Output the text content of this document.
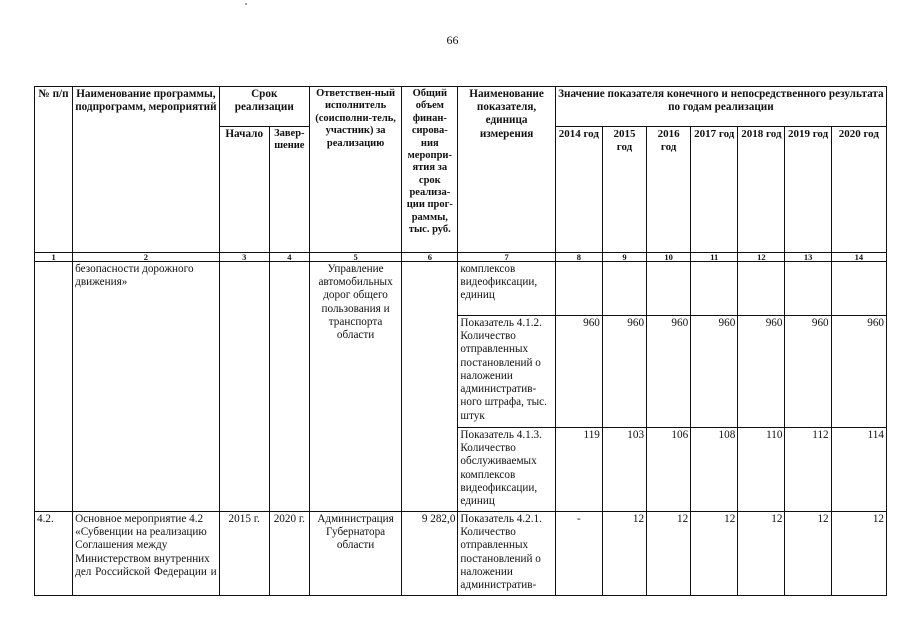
66
№ п/п	Наименование программы, подпрограмм, мероприятий	Срок реализации		Ответствен-ный исполнитель (соисполни-тель, участник) за реализацию	Общий объем финан-сирова-ния меропри-ятия за срок реализа-ции прог-раммы, тыс. руб.	Наименование показателя, единица измерения	Значение показателя конечного и непосредственного результата по годам реализации						
		Начало	Завер-шение				2014 год	2015 год	2016 год	2017 год	2018 год	2019 год	2020 год
1	2	3	4	5	6	7	8	9	10	11	12	13	14
	безопасности дорожного движения»			Управление автомобильных дорог общего пользования и транспорта области		комплексов видеофиксации, единиц							
						Показатель 4.1.2. Количество отправленных постановлений о наложении административ-ного штрафа, тыс. штук	960	960	960	960	960	960	960
						Показатель 4.1.3. Количество обслуживаемых комплексов видеофиксации, единиц	119	103	106	108	110	112	114
4.2.	Основное мероприятие 4.2 «Субвенции на реализацию Соглашения между Министерством внутренних дел Российской Федерации и	2015 г.	2020 г.	Администрация Губернатора области	9 282,0	Показатель 4.2.1. Количество отправленных постановлений о наложении административ-	-	12	12	12	12	12	12
